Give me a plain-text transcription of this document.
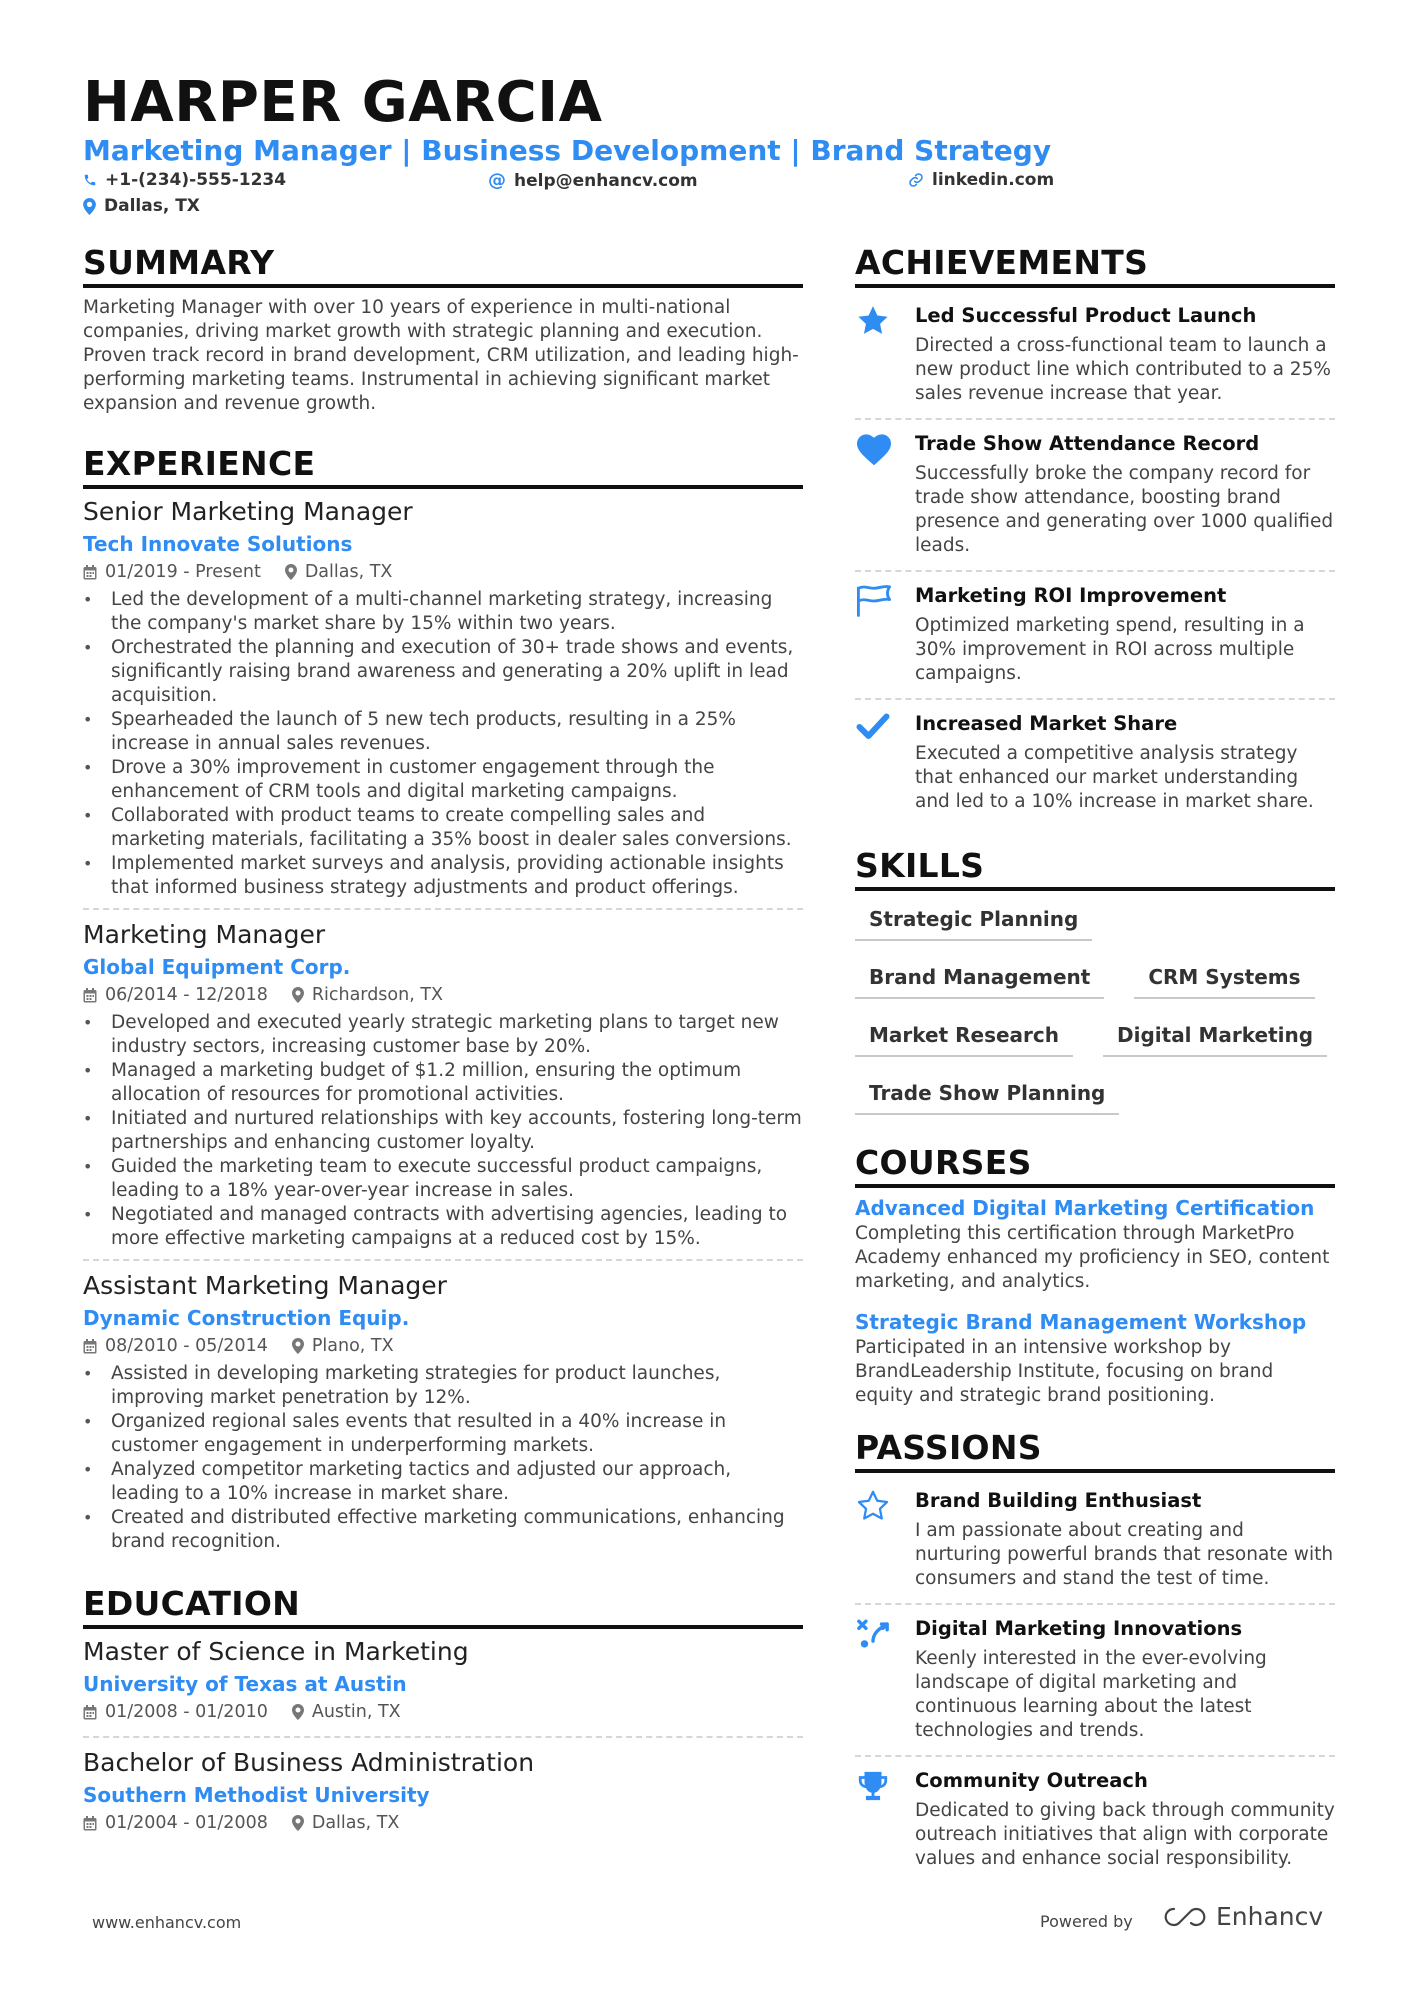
HARPER GARCIA
Marketing Manager | Business Development | Brand Strategy
+1-(234)-555-1234	@ help@enhancv.com	linkedin.com
Dallas, TX
SUMMARY
Marketing Manager with over 10 years of experience in multi-national companies, driving market growth with strategic planning and execution. Proven track record in brand development, CRM utilization, and leading high-performing marketing teams. Instrumental in achieving significant market expansion and revenue growth.
EXPERIENCE
Senior Marketing Manager
Tech Innovate Solutions
01/2019 - Present	Dallas, TX
• Led the development of a multi-channel marketing strategy, increasing the company's market share by 15% within two years.
• Orchestrated the planning and execution of 30+ trade shows and events, significantly raising brand awareness and generating a 20% uplift in lead acquisition.
• Spearheaded the launch of 5 new tech products, resulting in a 25% increase in annual sales revenues.
• Drove a 30% improvement in customer engagement through the enhancement of CRM tools and digital marketing campaigns.
• Collaborated with product teams to create compelling sales and marketing materials, facilitating a 35% boost in dealer sales conversions.
• Implemented market surveys and analysis, providing actionable insights that informed business strategy adjustments and product offerings.
Marketing Manager
Global Equipment Corp.
06/2014 - 12/2018	Richardson, TX
• Developed and executed yearly strategic marketing plans to target new industry sectors, increasing customer base by 20%.
• Managed a marketing budget of $1.2 million, ensuring the optimum allocation of resources for promotional activities.
• Initiated and nurtured relationships with key accounts, fostering long-term partnerships and enhancing customer loyalty.
• Guided the marketing team to execute successful product campaigns, leading to a 18% year-over-year increase in sales.
• Negotiated and managed contracts with advertising agencies, leading to more effective marketing campaigns at a reduced cost by 15%.
Assistant Marketing Manager
Dynamic Construction Equip.
08/2010 - 05/2014	Plano, TX
• Assisted in developing marketing strategies for product launches, improving market penetration by 12%.
• Organized regional sales events that resulted in a 40% increase in customer engagement in underperforming markets.
• Analyzed competitor marketing tactics and adjusted our approach, leading to a 10% increase in market share.
• Created and distributed effective marketing communications, enhancing brand recognition.
EDUCATION
Master of Science in Marketing
University of Texas at Austin
01/2008 - 01/2010	Austin, TX
Bachelor of Business Administration
Southern Methodist University
01/2004 - 01/2008	Dallas, TX
ACHIEVEMENTS
Led Successful Product Launch
Directed a cross-functional team to launch a new product line which contributed to a 25% sales revenue increase that year.
Trade Show Attendance Record
Successfully broke the company record for trade show attendance, boosting brand presence and generating over 1000 qualified leads.
Marketing ROI Improvement
Optimized marketing spend, resulting in a 30% improvement in ROI across multiple campaigns.
Increased Market Share
Executed a competitive analysis strategy that enhanced our market understanding and led to a 10% increase in market share.
SKILLS
Strategic Planning
Brand Management	CRM Systems
Market Research	Digital Marketing
Trade Show Planning
COURSES
Advanced Digital Marketing Certification
Completing this certification through MarketPro Academy enhanced my proficiency in SEO, content marketing, and analytics.
Strategic Brand Management Workshop
Participated in an intensive workshop by BrandLeadership Institute, focusing on brand equity and strategic brand positioning.
PASSIONS
Brand Building Enthusiast
I am passionate about creating and nurturing powerful brands that resonate with consumers and stand the test of time.
Digital Marketing Innovations
Keenly interested in the ever-evolving landscape of digital marketing and continuous learning about the latest technologies and trends.
Community Outreach
Dedicated to giving back through community outreach initiatives that align with corporate values and enhance social responsibility.
www.enhancv.com	Powered by	Enhancv
